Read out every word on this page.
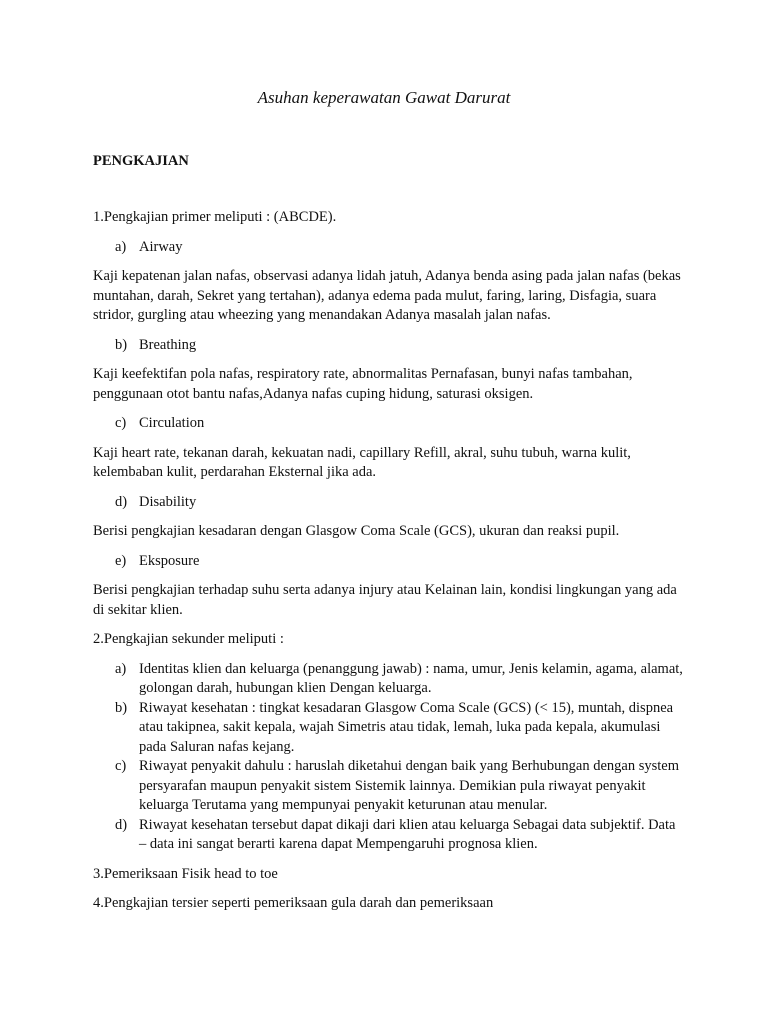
Asuhan keperawatan Gawat Darurat
PENGKAJIAN

1.Pengkajian primer meliputi : (ABCDE).

a) Airway

Kaji kepatenan jalan nafas, observasi adanya lidah jatuh, Adanya benda asing pada jalan nafas (bekas muntahan, darah, Sekret yang tertahan), adanya edema pada mulut, faring, laring, Disfagia, suara stridor, gurgling atau wheezing yang menandakan Adanya masalah jalan nafas.

b) Breathing

Kaji keefektifan pola nafas, respiratory rate, abnormalitas Pernafasan, bunyi nafas tambahan, penggunaan otot bantu nafas,Adanya nafas cuping hidung, saturasi oksigen.

c) Circulation

Kaji heart rate, tekanan darah, kekuatan nadi, capillary Refill, akral, suhu tubuh, warna kulit, kelembaban kulit, perdarahan Eksternal jika ada.

d) Disability

Berisi pengkajian kesadaran dengan Glasgow Coma Scale (GCS), ukuran dan reaksi pupil.

e) Eksposure

Berisi pengkajian terhadap suhu serta adanya injury atau Kelainan lain, kondisi lingkungan yang ada di sekitar klien.

2.Pengkajian sekunder meliputi :

a) Identitas klien dan keluarga (penanggung jawab) : nama, umur, Jenis kelamin, agama, alamat, golongan darah, hubungan klien Dengan keluarga.
b) Riwayat kesehatan : tingkat kesadaran Glasgow Coma Scale (GCS) (< 15), muntah, dispnea atau takipnea, sakit kepala, wajah Simetris atau tidak, lemah, luka pada kepala, akumulasi pada Saluran nafas kejang.
c) Riwayat penyakit dahulu : haruslah diketahui dengan baik yang Berhubungan dengan system persyarafan maupun penyakit sistem Sistemik lainnya. Demikian pula riwayat penyakit keluarga Terutama yang mempunyai penyakit keturunan atau menular.
d) Riwayat kesehatan tersebut dapat dikaji dari klien atau keluarga Sebagai data subjektif. Data – data ini sangat berarti karena dapat Mempengaruhi prognosa klien.

3.Pemeriksaan Fisik head to toe

4.Pengkajian tersier seperti pemeriksaan gula darah dan pemeriksaan
